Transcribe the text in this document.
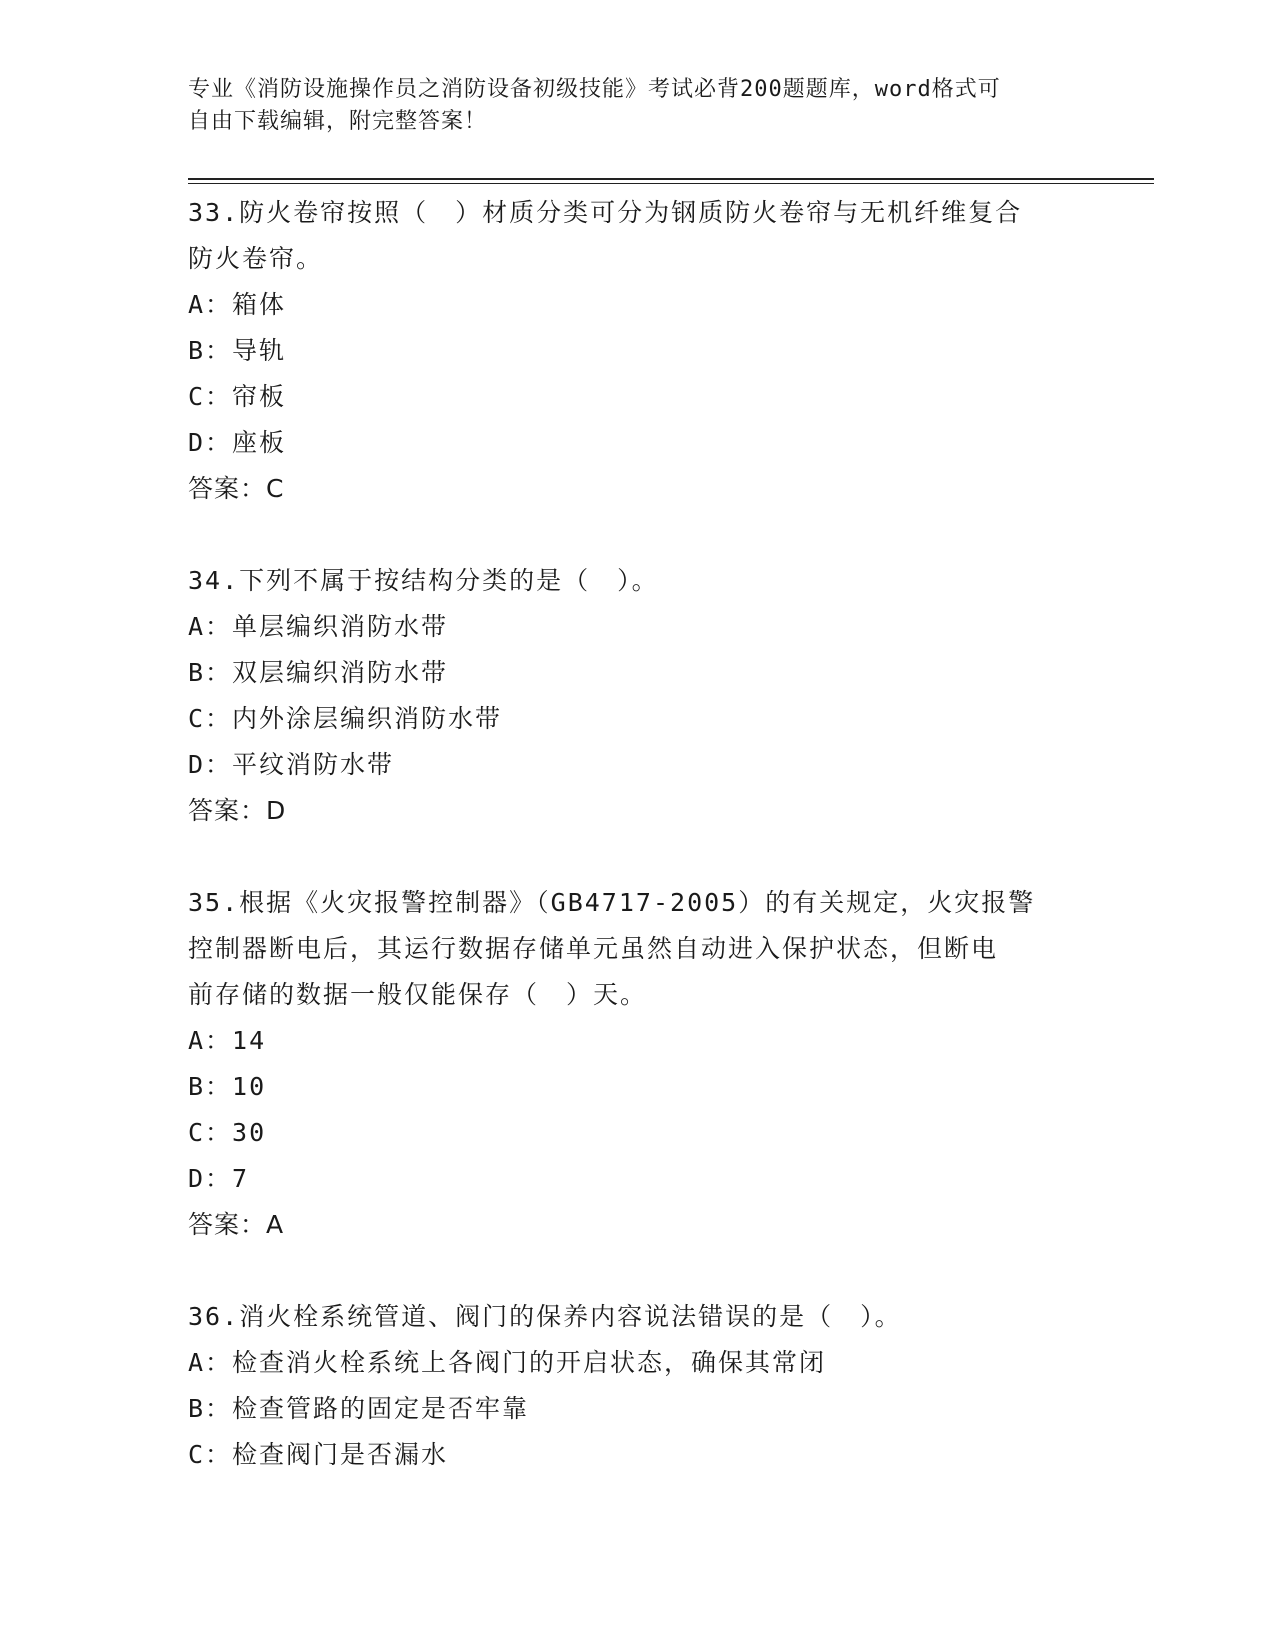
专业《消防设施操作员之消防设备初级技能》考试必背200题题库，word格式可
自由下载编辑，附完整答案！
33.防火卷帘按照（　）材质分类可分为钢质防火卷帘与无机纤维复合
防火卷帘。
A：箱体
B：导轨
C：帘板
D：座板
答案：C
34.下列不属于按结构分类的是（　）。
A：单层编织消防水带
B：双层编织消防水带
C：内外涂层编织消防水带
D：平纹消防水带
答案：D
35.根据《火灾报警控制器》（GB4717-2005）的有关规定，火灾报警
控制器断电后，其运行数据存储单元虽然自动进入保护状态，但断电
前存储的数据一般仅能保存（　）天。
A：14
B：10
C：30
D：7
答案：A
36.消火栓系统管道、阀门的保养内容说法错误的是（　）。
A：检查消火栓系统上各阀门的开启状态，确保其常闭
B：检查管路的固定是否牢靠
C：检查阀门是否漏水
